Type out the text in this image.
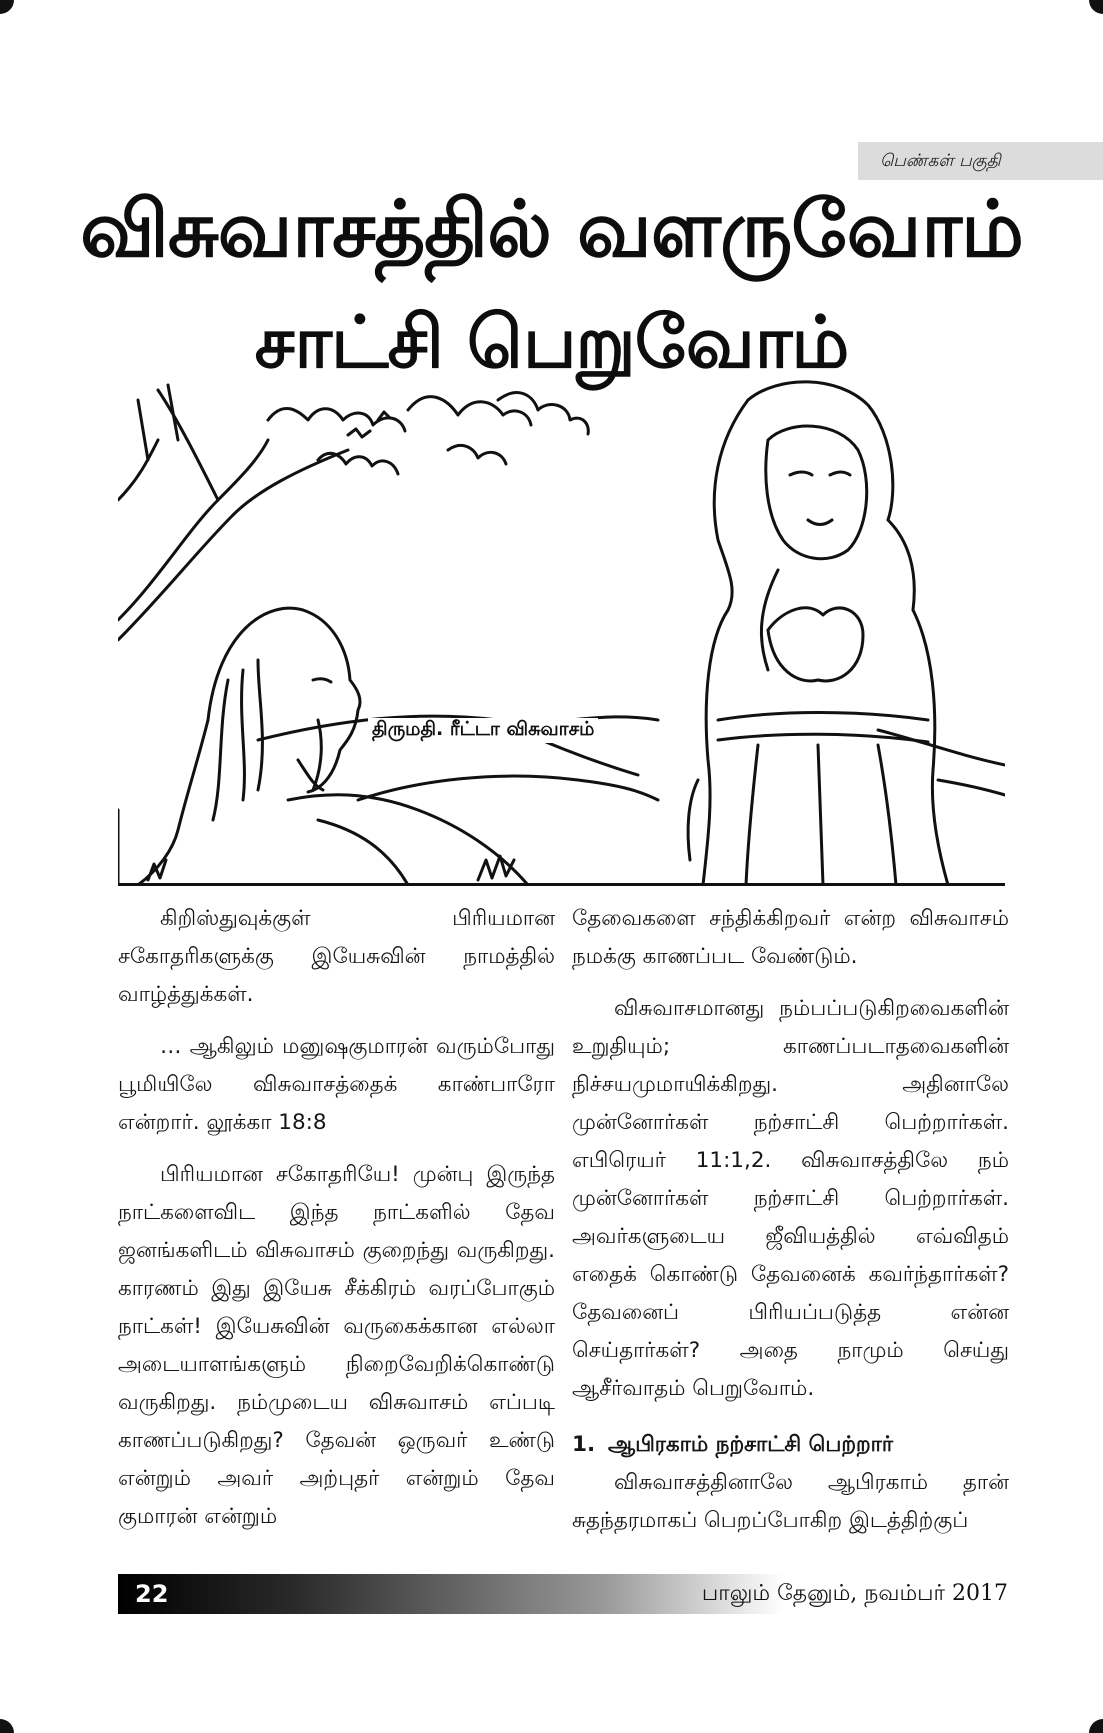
பெண்கள் பகுதி
விசுவாசத்தில் வளருவோம்
சாட்சி பெறுவோம்
திருமதி. ரீட்டா விசுவாசம்

கிறிஸ்துவுக்குள் பிரியமான சகோதரிகளுக்கு இயேசுவின் நாமத்தில் வாழ்த்துக்கள்.

… ஆகிலும் மனுஷகுமாரன் வரும்போது பூமியிலே விசுவாசத்தைக் காண்பாரோ என்றார். லூக்கா 18:8

பிரியமான சகோதரியே! முன்பு இருந்த நாட்களைவிட இந்த நாட்களில் தேவ ஜனங்களிடம் விசுவாசம் குறைந்து வருகிறது. காரணம் இது இயேசு சீக்கிரம் வரப்போகும் நாட்கள்! இயேசுவின் வருகைக்கான எல்லா அடையாளங்களும் நிறைவேறிக்கொண்டு வருகிறது. நம்முடைய விசுவாசம் எப்படி காணப்படுகிறது? தேவன் ஒருவர் உண்டு என்றும் அவர் அற்புதர் என்றும் தேவ குமாரன் என்றும்

தேவைகளை சந்திக்கிறவர் என்ற விசுவாசம் நமக்கு காணப்பட வேண்டும்.

விசுவாசமானது நம்பப்படுகிறவைகளின் உறுதியும்; காணப்படாதவைகளின் நிச்சயமுமாயிக்கிறது. அதினாலே முன்னோர்கள் நற்சாட்சி பெற்றார்கள். எபிரெயர் 11:1,2. விசுவாசத்திலே நம் முன்னோர்கள் நற்சாட்சி பெற்றார்கள். அவர்களுடைய ஜீவியத்தில் எவ்விதம் எதைக் கொண்டு தேவனைக் கவர்ந்தார்கள்? தேவனைப் பிரியப்படுத்த என்ன செய்தார்கள்? அதை நாமும் செய்து ஆசீர்வாதம் பெறுவோம்.

1. ஆபிரகாம் நற்சாட்சி பெற்றார்

விசுவாசத்தினாலே ஆபிரகாம் தான் சுதந்தரமாகப் பெறப்போகிற இடத்திற்குப்

22	பாலும் தேனும், நவம்பர் 2017
